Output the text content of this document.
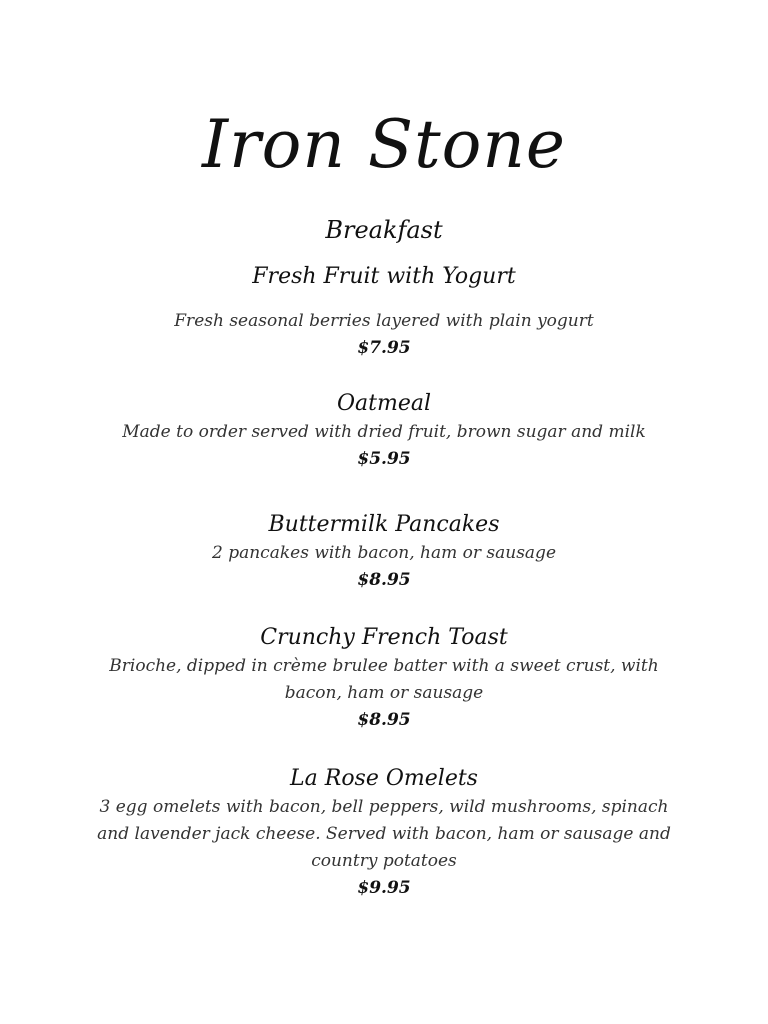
Iron Stone
Breakfast
Fresh Fruit with Yogurt
Fresh seasonal berries layered with plain yogurt
$7.95
Oatmeal
Made to order served with dried fruit, brown sugar and milk
$5.95
Buttermilk Pancakes
2 pancakes with bacon, ham or sausage
$8.95
Crunchy French Toast
Brioche, dipped in crème brulee batter with a sweet crust, with bacon, ham or sausage
$8.95
La Rose Omelets
3 egg omelets with bacon, bell peppers, wild mushrooms, spinach and lavender jack cheese. Served with bacon, ham or sausage and country potatoes
$9.95
